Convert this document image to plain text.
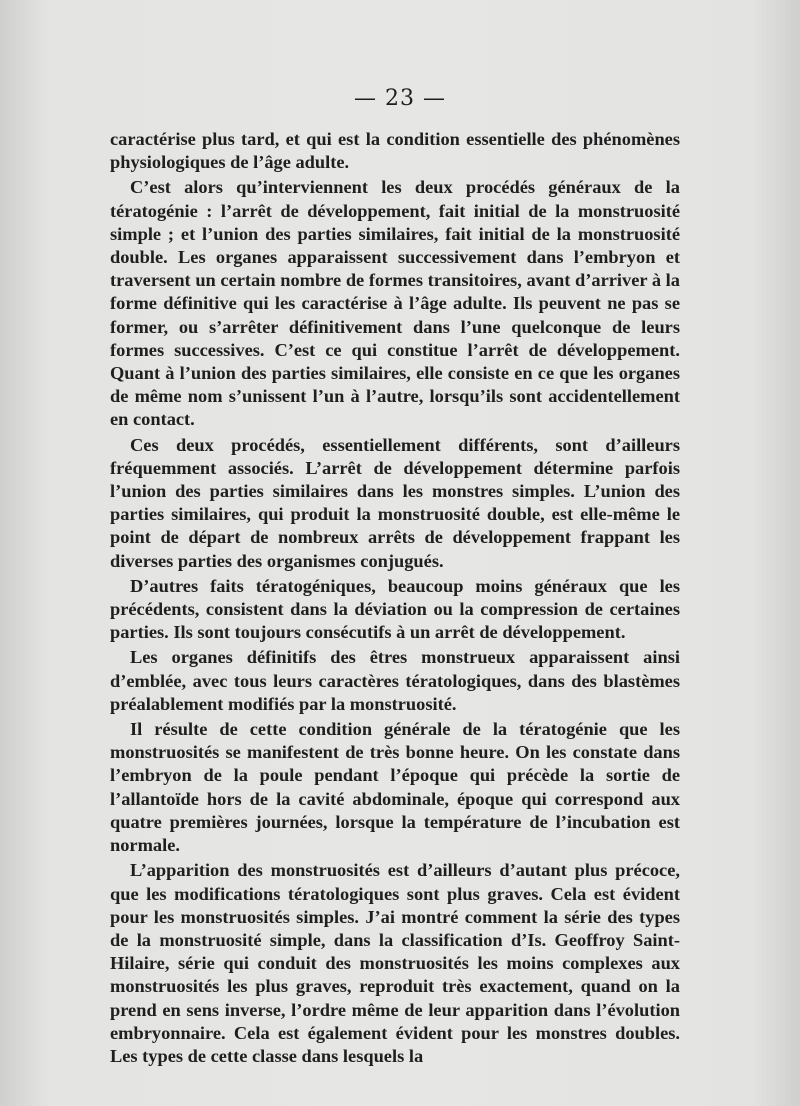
— 23 —

caractérise plus tard, et qui est la condition essentielle des phénomènes physiologiques de l’âge adulte.

C’est alors qu’interviennent les deux procédés généraux de la tératogénie : l’arrêt de développement, fait initial de la monstruosité simple ; et l’union des parties similaires, fait initial de la monstruosité double. Les organes apparaissent successivement dans l’embryon et traversent un certain nombre de formes transitoires, avant d’arriver à la forme définitive qui les caractérise à l’âge adulte. Ils peuvent ne pas se former, ou s’arrêter définitivement dans l’une quelconque de leurs formes successives. C’est ce qui constitue l’arrêt de développement. Quant à l’union des parties similaires, elle consiste en ce que les organes de même nom s’unissent l’un à l’autre, lorsqu’ils sont accidentellement en contact.

Ces deux procédés, essentiellement différents, sont d’ailleurs fréquemment associés. L’arrêt de développement détermine parfois l’union des parties similaires dans les monstres simples. L’union des parties similaires, qui produit la monstruosité double, est elle-même le point de départ de nombreux arrêts de développement frappant les diverses parties des organismes conjugués.

D’autres faits tératogéniques, beaucoup moins généraux que les précédents, consistent dans la déviation ou la compression de certaines parties. Ils sont toujours consécutifs à un arrêt de développement.

Les organes définitifs des êtres monstrueux apparaissent ainsi d’emblée, avec tous leurs caractères tératologiques, dans des blastèmes préalablement modifiés par la monstruosité.

Il résulte de cette condition générale de la tératogénie que les monstruosités se manifestent de très bonne heure. On les constate dans l’embryon de la poule pendant l’époque qui précède la sortie de l’allantoïde hors de la cavité abdominale, époque qui correspond aux quatre premières journées, lorsque la température de l’incubation est normale.

L’apparition des monstruosités est d’ailleurs d’autant plus précoce, que les modifications tératologiques sont plus graves. Cela est évident pour les monstruosités simples. J’ai montré comment la série des types de la monstruosité simple, dans la classification d’Is. Geoffroy Saint-Hilaire, série qui conduit des monstruosités les moins complexes aux monstruosités les plus graves, reproduit très exactement, quand on la prend en sens inverse, l’ordre même de leur apparition dans l’évolution embryonnaire. Cela est également évident pour les monstres doubles. Les types de cette classe dans lesquels la
